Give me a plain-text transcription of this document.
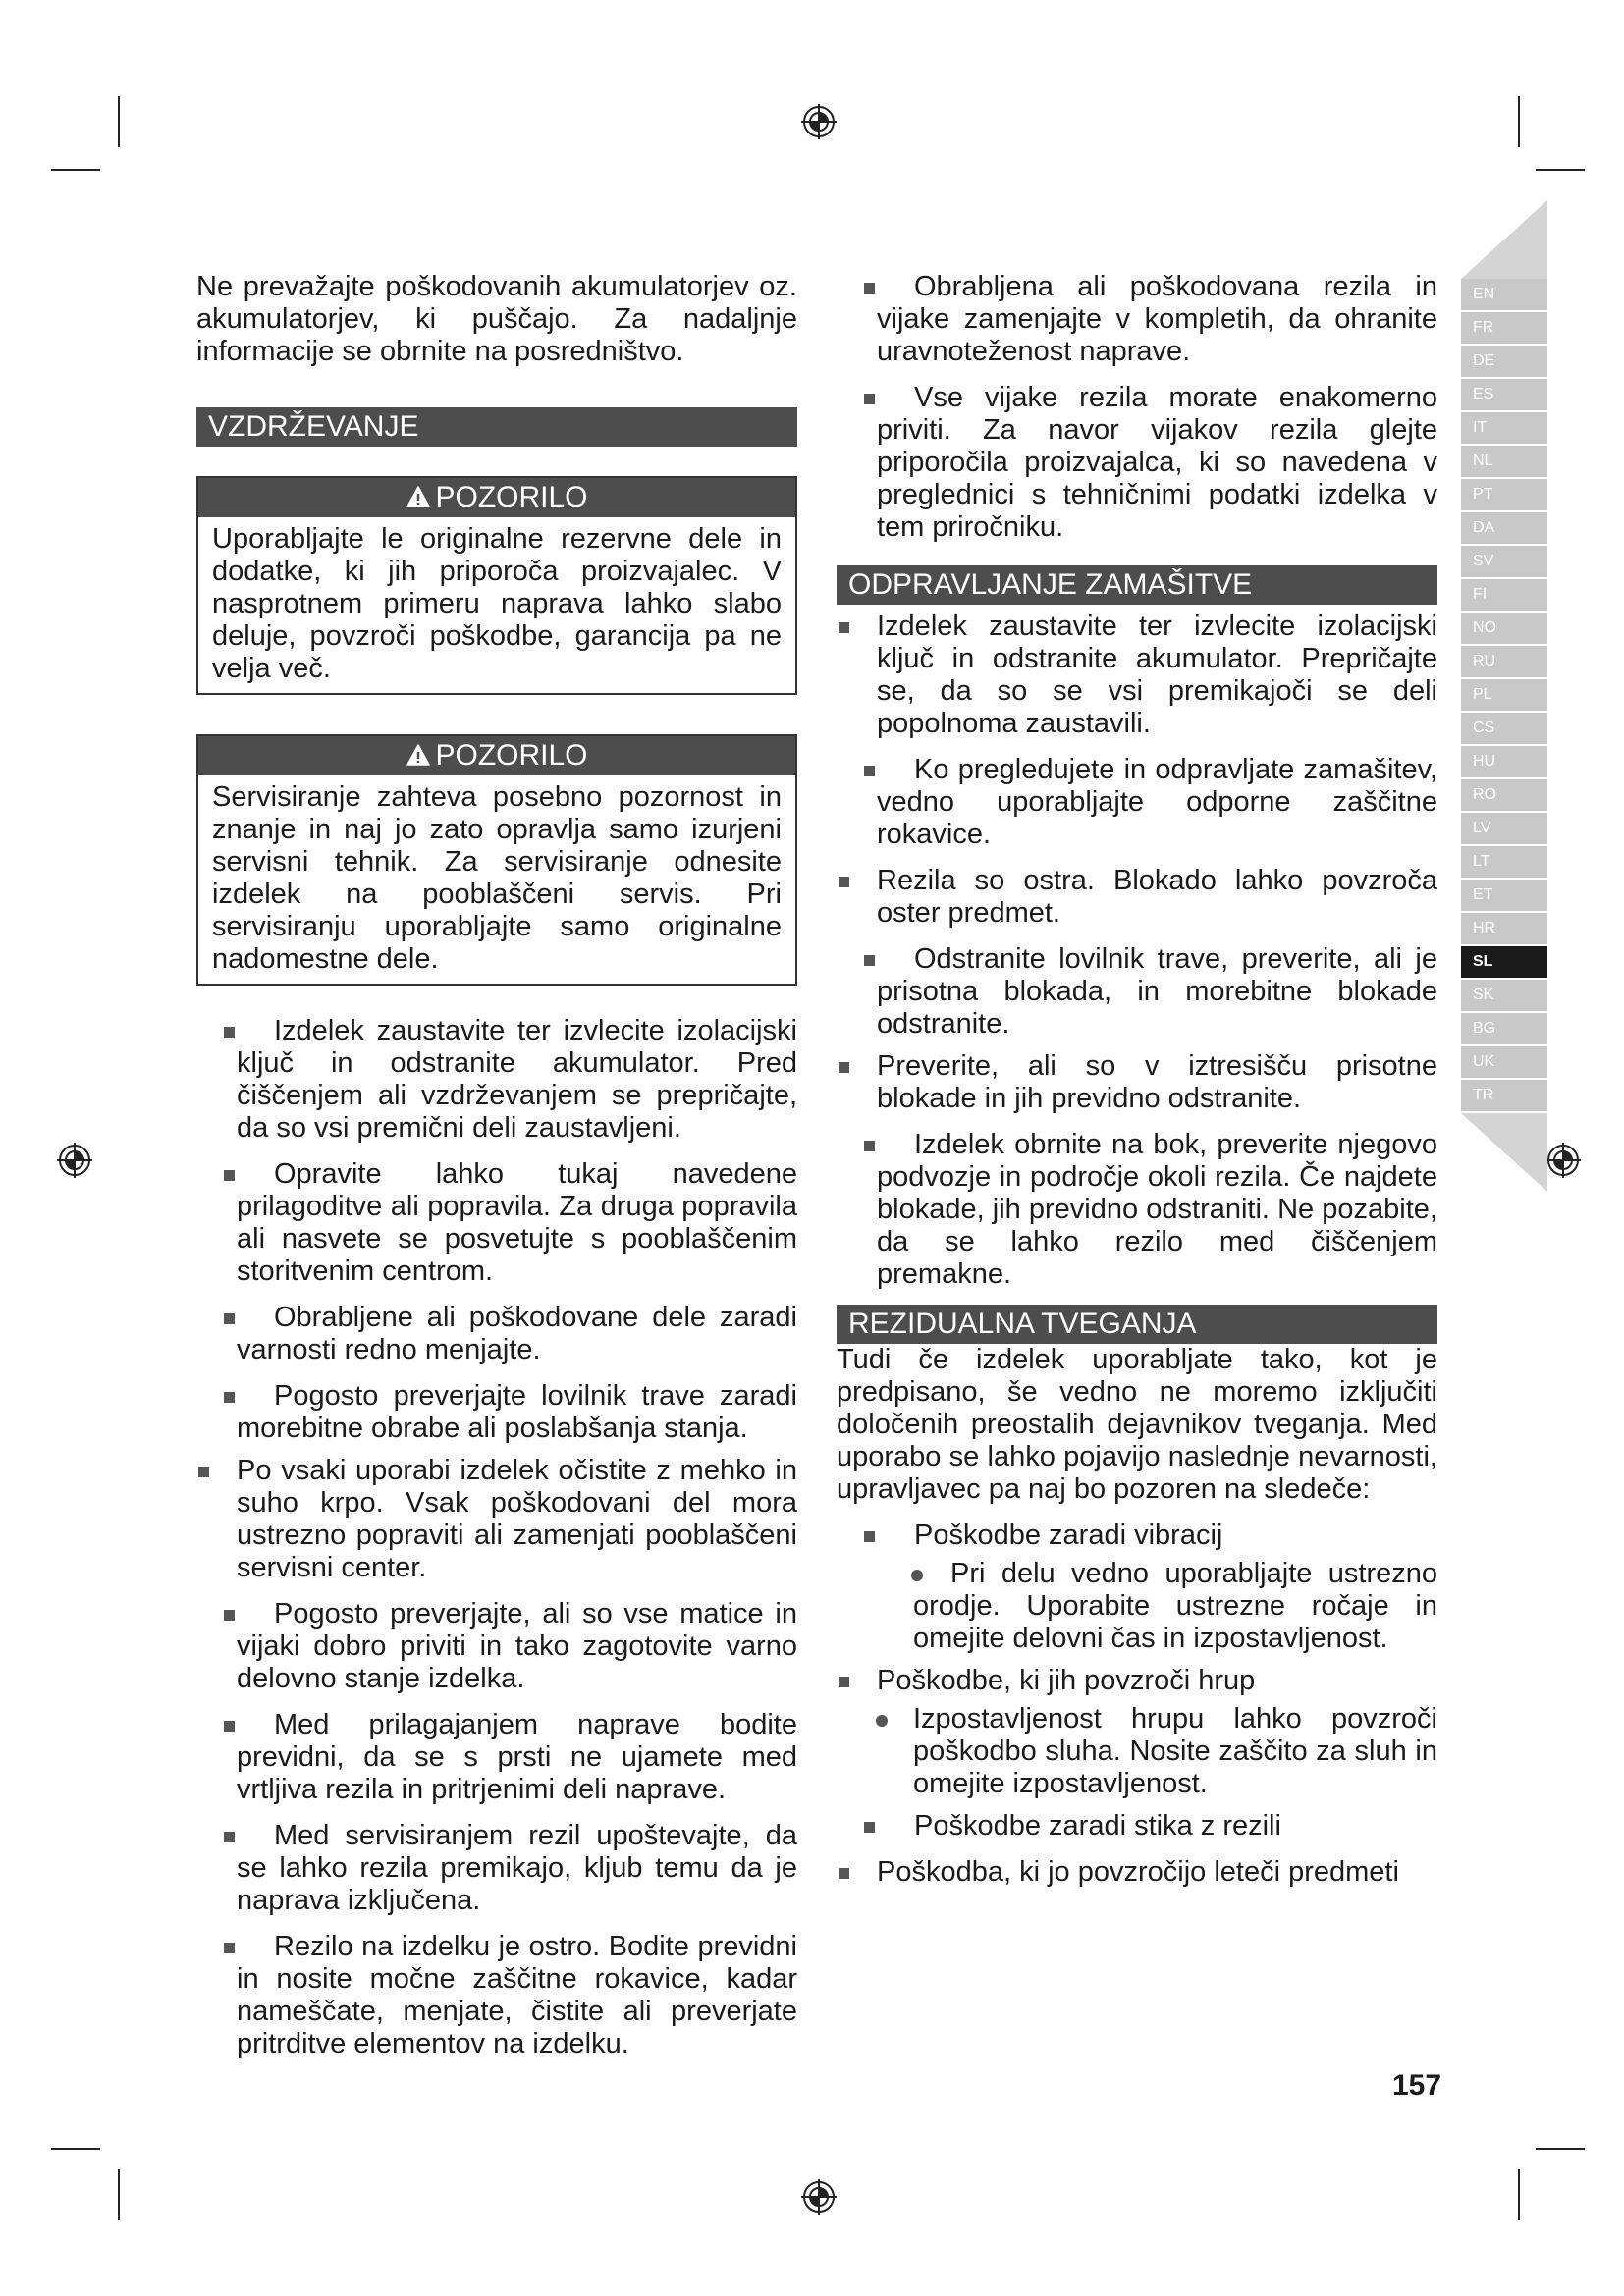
Ne prevažajte poškodovanih akumulatorjev oz. akumulatorjev, ki puščajo. Za nadaljnje informacije se obrnite na posredništvo.

VZDRŽEVANJE
POZORILO
Uporabljajte le originalne rezervne dele in dodatke, ki jih priporoča proizvajalec. V nasprotnem primeru naprava lahko slabo deluje, povzroči poškodbe, garancija pa ne velja več.
POZORILO
Servisiranje zahteva posebno pozornost in znanje in naj jo zato opravlja samo izurjeni servisni tehnik. Za servisiranje odnesite izdelek na pooblaščeni servis. Pri servisiranju uporabljajte samo originalne nadomestne dele.
Izdelek zaustavite ter izvlecite izolacijski ključ in odstranite akumulator. Pred čiščenjem ali vzdrževanjem se prepričajte, da so vsi premični deli zaustavljeni.
Opravite lahko tukaj navedene prilagoditve ali popravila. Za druga popravila ali nasvete se posvetujte s pooblaščenim storitvenim centrom.
Obrabljene ali poškodovane dele zaradi varnosti redno menjajte.
Pogosto preverjajte lovilnik trave zaradi morebitne obrabe ali poslabšanja stanja.
Po vsaki uporabi izdelek očistite z mehko in suho krpo. Vsak poškodovani del mora ustrezno popraviti ali zamenjati pooblaščeni servisni center.
Pogosto preverjajte, ali so vse matice in vijaki dobro priviti in tako zagotovite varno delovno stanje izdelka.
Med prilagajanjem naprave bodite previdni, da se s prsti ne ujamete med vrtljiva rezila in pritrjenimi deli naprave.
Med servisiranjem rezil upoštevajte, da se lahko rezila premikajo, kljub temu da je naprava izključena.
Rezilo na izdelku je ostro. Bodite previdni in nosite močne zaščitne rokavice, kadar nameščate, menjate, čistite ali preverjate pritrditve elementov na izdelku.
Obrabljena ali poškodovana rezila in vijake zamenjajte v kompletih, da ohranite uravnoteženost naprave.
Vse vijake rezila morate enakomerno priviti. Za navor vijakov rezila glejte priporočila proizvajalca, ki so navedena v preglednici s tehničnimi podatki izdelka v tem priročniku.
ODPRAVLJANJE ZAMAŠITVE
Izdelek zaustavite ter izvlecite izolacijski ključ in odstranite akumulator. Prepričajte se, da so se vsi premikajoči se deli popolnoma zaustavili.
Ko pregledujete in odpravljate zamašitev, vedno uporabljajte odporne zaščitne rokavice.
Rezila so ostra. Blokado lahko povzroča oster predmet.
Odstranite lovilnik trave, preverite, ali je prisotna blokada, in morebitne blokade odstranite.
Preverite, ali so v iztresišču prisotne blokade in jih previdno odstranite.
Izdelek obrnite na bok, preverite njegovo podvozje in področje okoli rezila. Če najdete blokade, jih previdno odstraniti. Ne pozabite, da se lahko rezilo med čiščenjem premakne.
REZIDUALNA TVEGANJA

Tudi če izdelek uporabljate tako, kot je predpisano, še vedno ne moremo izključiti določenih preostalih dejavnikov tveganja. Med uporabo se lahko pojavijo naslednje nevarnosti, upravljavec pa naj bo pozoren na sledeče:

Poškodbe zaradi vibracij
Pri delu vedno uporabljajte ustrezno orodje. Uporabite ustrezne ročaje in omejite delovni čas in izpostavljenost.
Poškodbe, ki jih povzroči hrup
Izpostavljenost hrupu lahko povzroči poškodbo sluha. Nosite zaščito za sluh in omejite izpostavljenost.
Poškodbe zaradi stika z rezili
Poškodba, ki jo povzročijo leteči predmeti
EN
FR
DE
ES
IT
NL
PT
DA
SV
FI
NO
RU
PL
CS
HU
RO
LV
LT
ET
HR
SL
SK
BG
UK
TR
157
